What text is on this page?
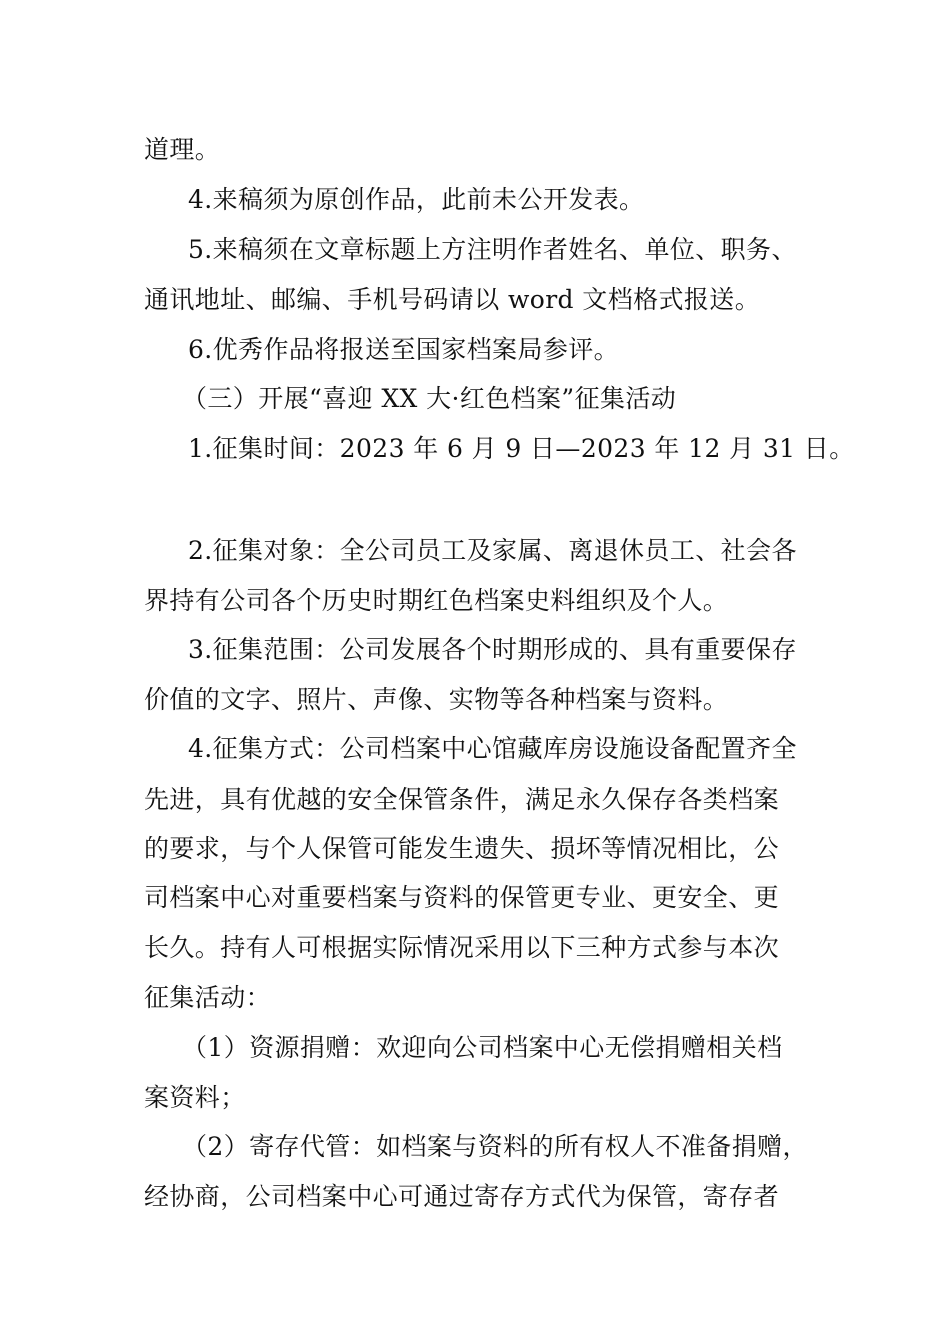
道理。
4.来稿须为原创作品，此前未公开发表。
5.来稿须在文章标题上方注明作者姓名、单位、职务、
通讯地址、邮编、手机号码请以 word 文档格式报送。
6.优秀作品将报送至国家档案局参评。
（三）开展“喜迎 XX 大·红色档案”征集活动
1.征集时间：2023 年 6 月 9 日—2023 年 12 月 31 日。
2.征集对象：全公司员工及家属、离退休员工、社会各
界持有公司各个历史时期红色档案史料组织及个人。
3.征集范围：公司发展各个时期形成的、具有重要保存
价值的文字、照片、声像、实物等各种档案与资料。
4.征集方式：公司档案中心馆藏库房设施设备配置齐全
先进，具有优越的安全保管条件，满足永久保存各类档案
的要求，与个人保管可能发生遗失、损坏等情况相比，公
司档案中心对重要档案与资料的保管更专业、更安全、更
长久。持有人可根据实际情况采用以下三种方式参与本次
征集活动：
（1）资源捐赠：欢迎向公司档案中心无偿捐赠相关档
案资料；
（2）寄存代管：如档案与资料的所有权人不准备捐赠，
经协商，公司档案中心可通过寄存方式代为保管，寄存者
